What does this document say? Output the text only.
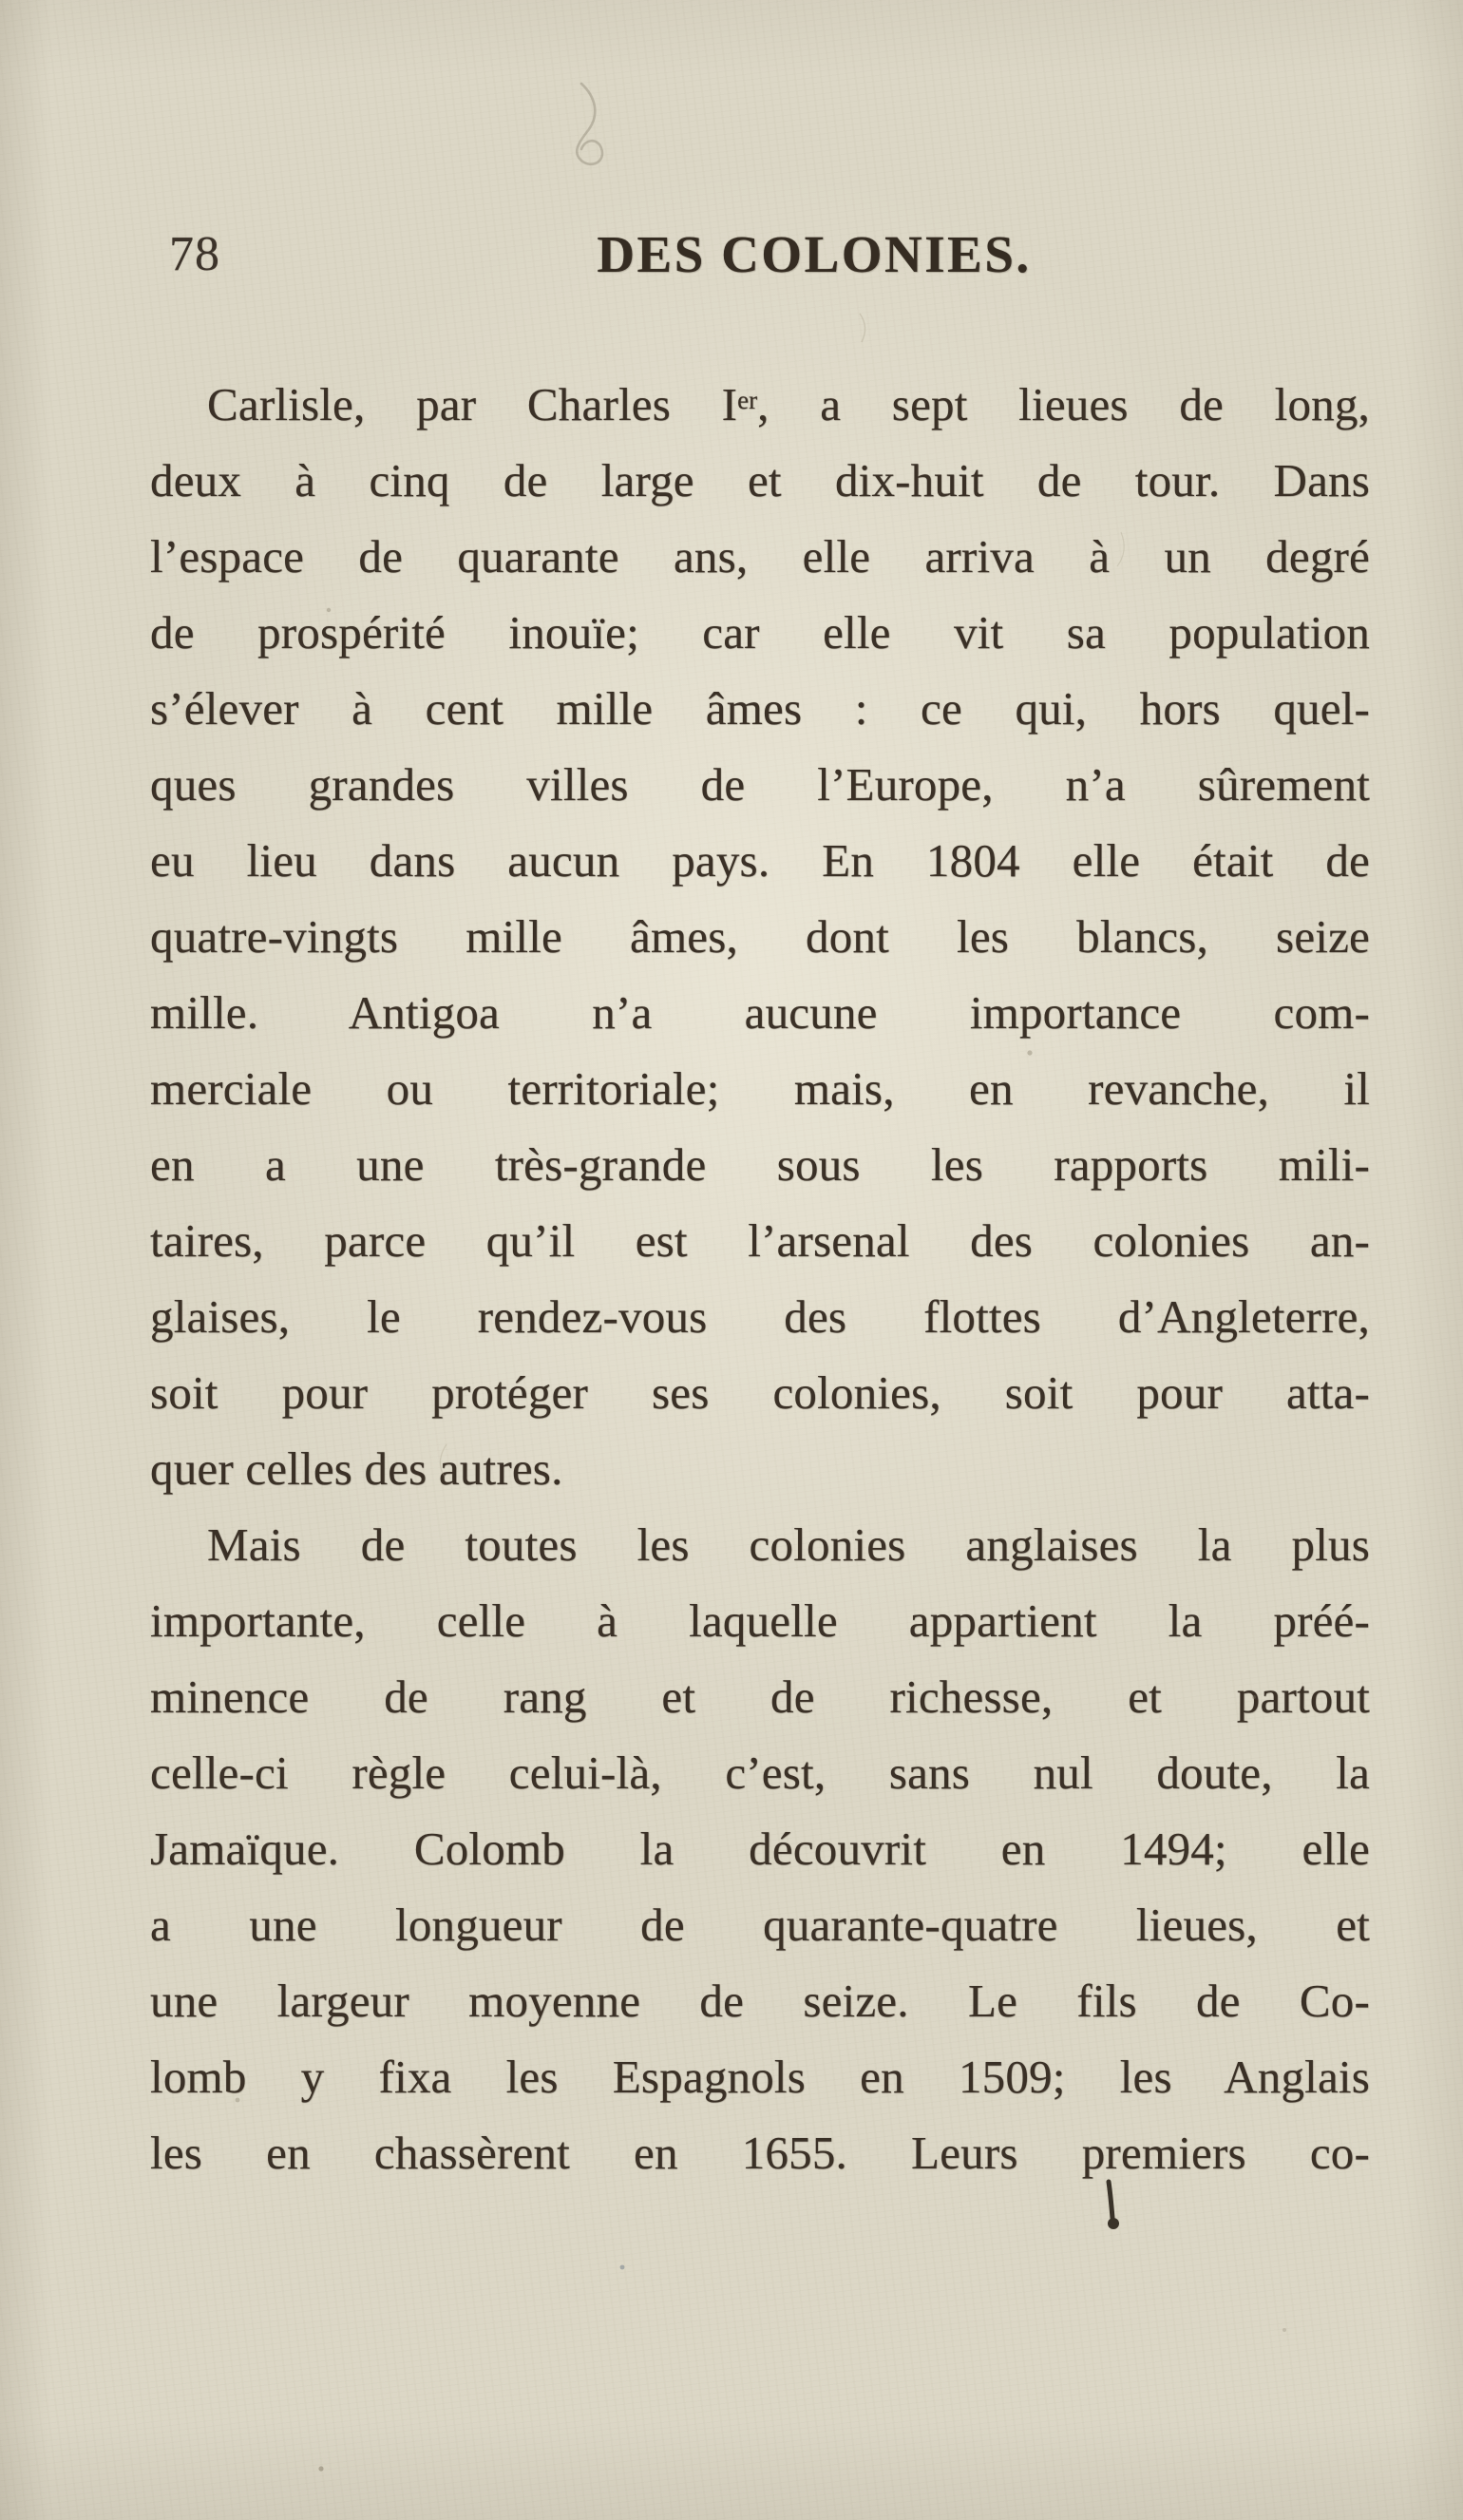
78	DES COLONIES.
Carlisle, par Charles Ier, a sept lieues de long,
deux à cinq de large et dix-huit de tour. Dans
l’espace de quarante ans, elle arriva à un degré
de prospérité inouïe; car elle vit sa population
s’élever à cent mille âmes : ce qui, hors quel-
ques grandes villes de l’Europe, n’a sûrement
eu lieu dans aucun pays. En 1804 elle était de
quatre-vingts mille âmes, dont les blancs, seize
mille. Antigoa n’a aucune importance com-
merciale ou territoriale; mais, en revanche, il
en a une très-grande sous les rapports mili-
taires, parce qu’il est l’arsenal des colonies an-
glaises, le rendez-vous des flottes d’Angleterre,
soit pour protéger ses colonies, soit pour atta-
quer celles des autres.
Mais de toutes les colonies anglaises la plus
importante, celle à laquelle appartient la préé-
minence de rang et de richesse, et partout
celle-ci règle celui-là, c’est, sans nul doute, la
Jamaïque. Colomb la découvrit en 1494; elle
a une longueur de quarante-quatre lieues, et
une largeur moyenne de seize. Le fils de Co-
lomb y fixa les Espagnols en 1509; les Anglais
les en chassèrent en 1655. Leurs premiers co-
